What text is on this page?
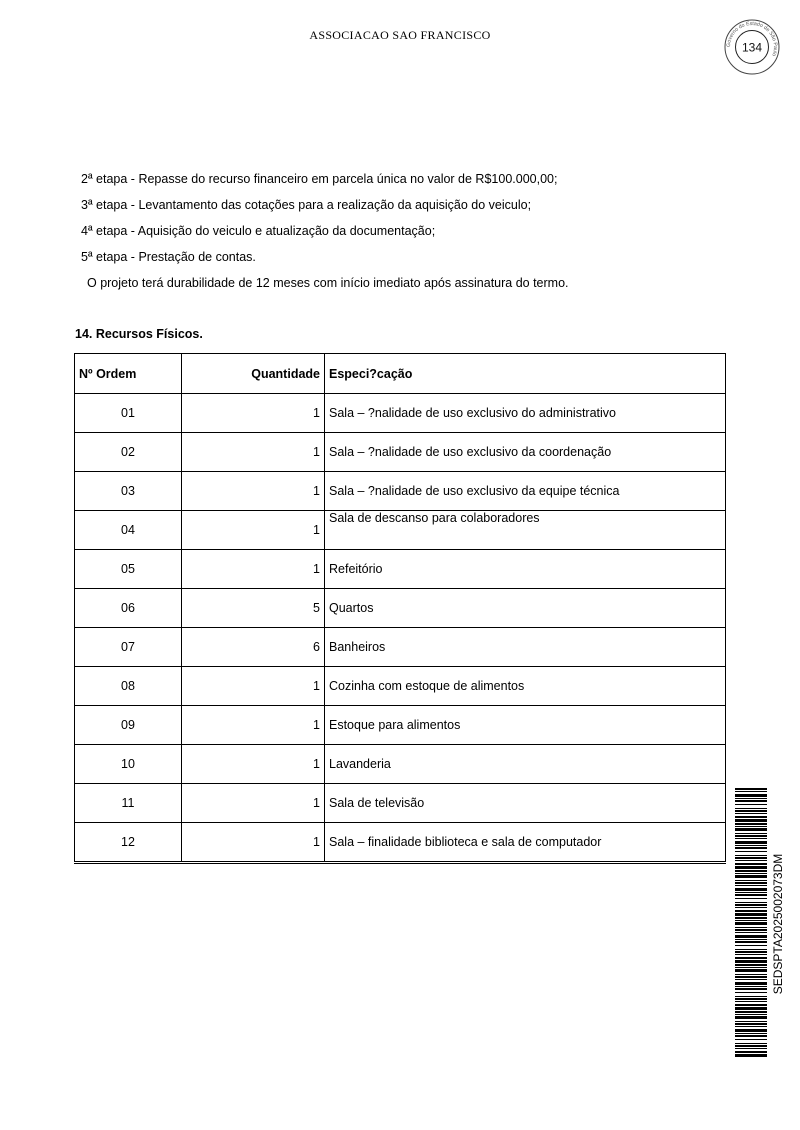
ASSOCIACAO SAO FRANCISCO
Governo do Estado de São Paulo
134
2ª etapa - Repasse do recurso financeiro em parcela única no valor de R$100.000,00;
3ª etapa - Levantamento das cotações para a realização da aquisição do veiculo;
4ª etapa - Aquisição do veiculo e atualização da documentação;
5ª etapa - Prestação de contas.
O projeto terá durabilidade de 12 meses com início imediato após assinatura do termo.
14. Recursos Físicos.
Nº Ordem	Quantidade	Especi?cação
01	1	Sala – ?nalidade de uso exclusivo do administrativo
02	1	Sala – ?nalidade de uso exclusivo da coordenação
03	1	Sala – ?nalidade de uso exclusivo da equipe técnica
04	1	Sala de descanso para colaboradores
05	1	Refeitório
06	5	Quartos
07	6	Banheiros
08	1	Cozinha com estoque de alimentos
09	1	Estoque para alimentos
10	1	Lavanderia
11	1	Sala de televisão
12	1	Sala – finalidade biblioteca e sala de computador
SEDSPTA2025002073DM
